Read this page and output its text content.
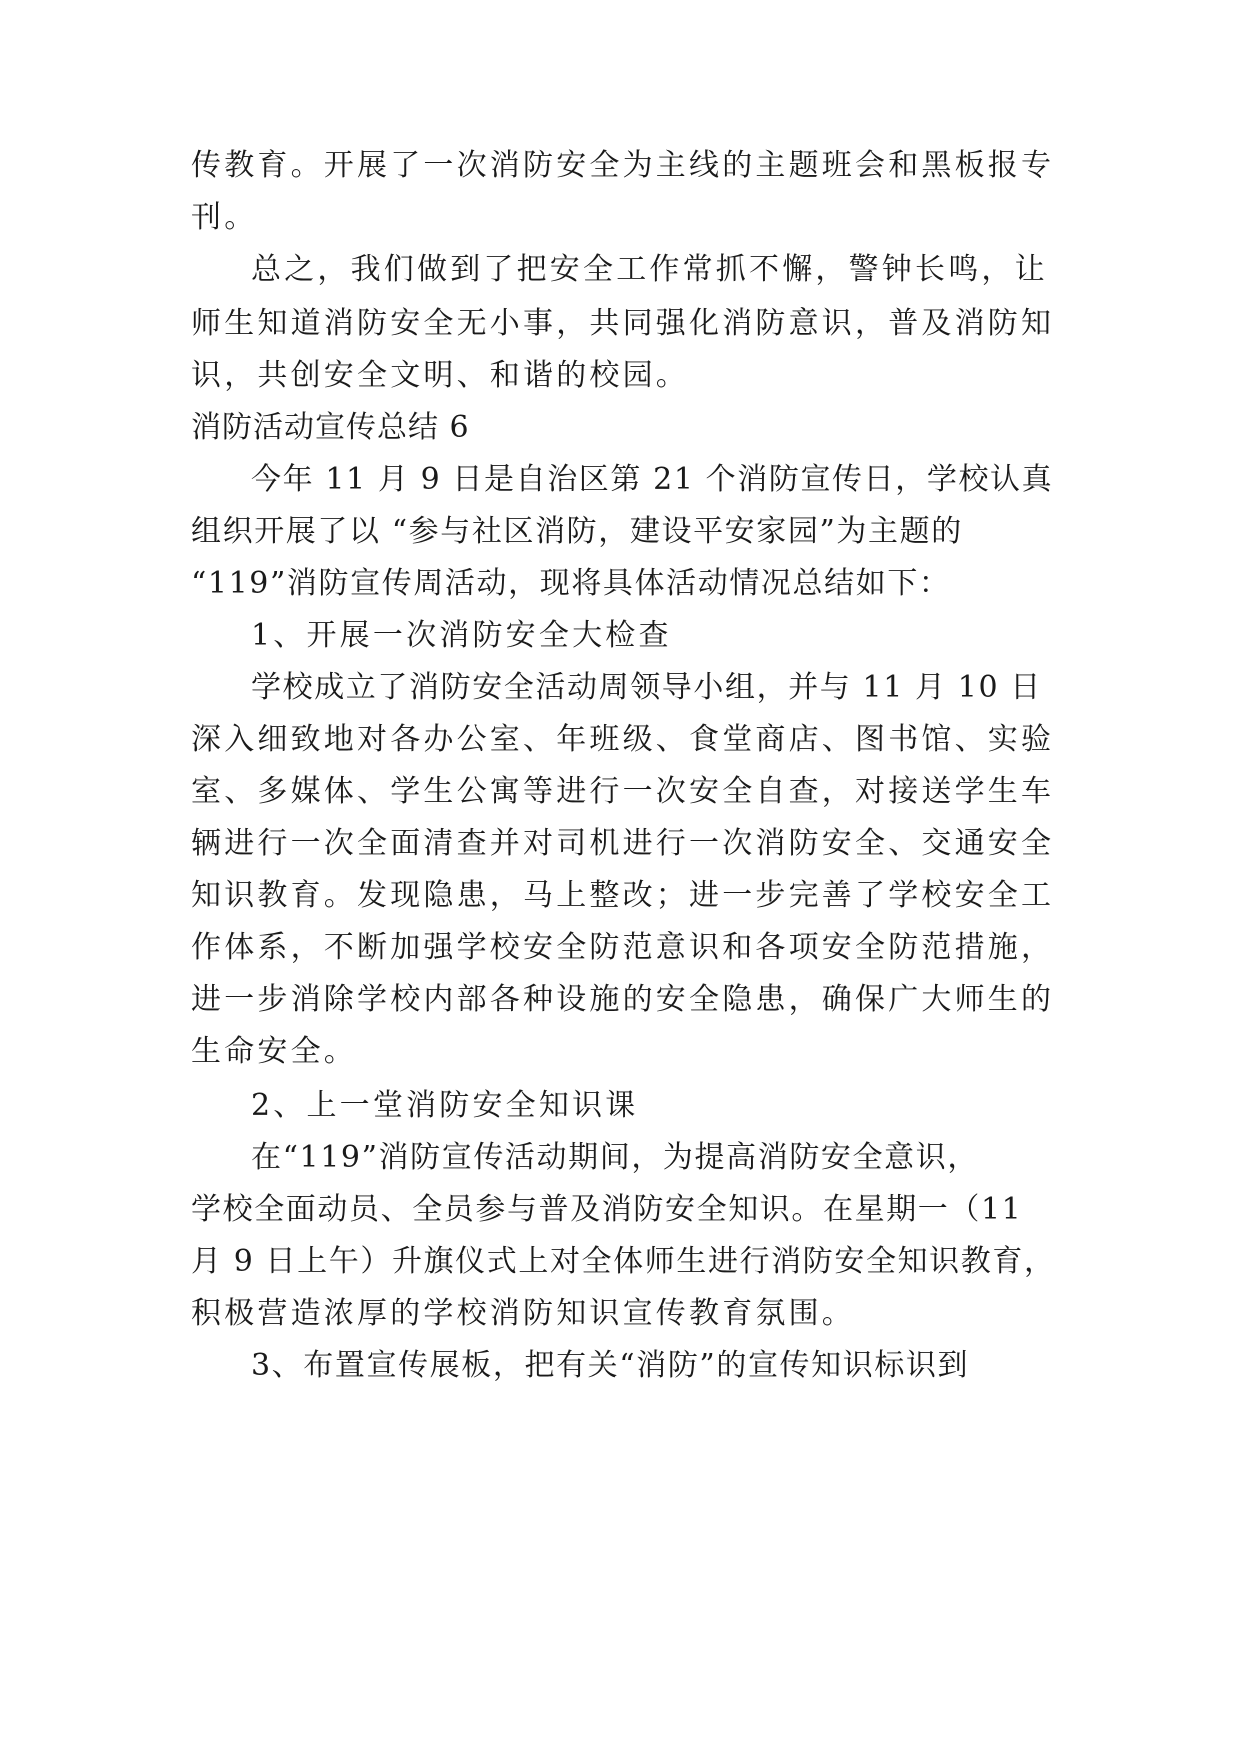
传教育。开展了一次消防安全为主线的主题班会和黑板报专
刊。
总之，我们做到了把安全工作常抓不懈，警钟长鸣，让
师生知道消防安全无小事，共同强化消防意识，普及消防知
识，共创安全文明、和谐的校园。
消防活动宣传总结 6
今年 11 月 9 日是自治区第 21 个消防宣传日，学校认真
组织开展了以 “参与社区消防，建设平安家园”为主题的
“119”消防宣传周活动，现将具体活动情况总结如下：
1、开展一次消防安全大检查
学校成立了消防安全活动周领导小组，并与 11 月 10 日
深入细致地对各办公室、年班级、食堂商店、图书馆、实验
室、多媒体、学生公寓等进行一次安全自查，对接送学生车
辆进行一次全面清查并对司机进行一次消防安全、交通安全
知识教育。发现隐患，马上整改；进一步完善了学校安全工
作体系，不断加强学校安全防范意识和各项安全防范措施，
进一步消除学校内部各种设施的安全隐患，确保广大师生的
生命安全。
2、上一堂消防安全知识课
在“119”消防宣传活动期间，为提高消防安全意识，
学校全面动员、全员参与普及消防安全知识。在星期一（11
月 9 日上午）升旗仪式上对全体师生进行消防安全知识教育，
积极营造浓厚的学校消防知识宣传教育氛围。
3、布置宣传展板，把有关“消防”的宣传知识标识到
